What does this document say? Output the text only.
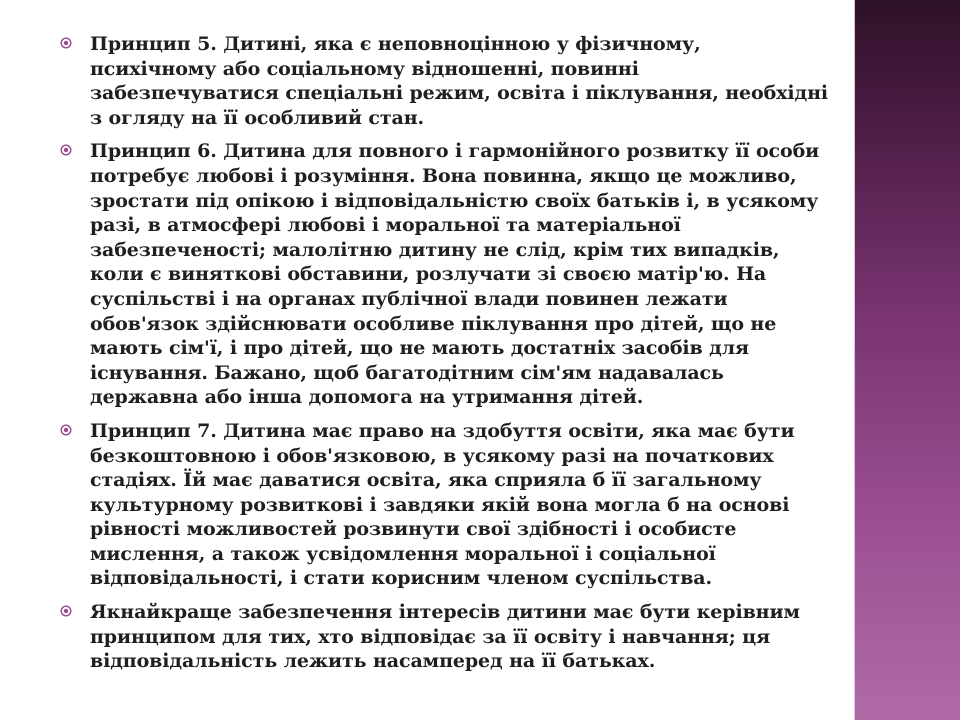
Принцип 5. Дитині, яка є неповноцінною у фізичному, психічному або соціальному відношенні, повинні забезпечуватися спеціальні режим, освіта і піклування, необхідні з огляду на її особливий стан.
Принцип 6. Дитина для повного і гармонійного розвитку її особи потребує любові і розуміння. Вона повинна, якщо це можливо, зростати під опікою і відповідальністю своїх батьків і, в усякому разі, в атмосфері любові і моральної та матеріальної забезпеченості; малолітню дитину не слід, крім тих випадків, коли є виняткові обставини, розлучати зі своєю матір'ю. На суспільстві і на органах публічної влади повинен лежати обов'язок здійснювати особливе піклування про дітей, що не мають сім'ї, і про дітей, що не мають достатніх засобів для існування. Бажано, щоб багатодітним сім'ям надавалась державна або інша допомога на утримання дітей.
Принцип 7. Дитина має право на здобуття освіти, яка має бути безкоштовною і обов'язковою, в усякому разі на початкових стадіях. Їй має даватися освіта, яка сприяла б її загальному культурному розвиткові і завдяки якій вона могла б на основі рівності можливостей розвинути свої здібності і особисте мислення, а також усвідомлення моральної і соціальної відповідальності, і стати корисним членом суспільства.
Якнайкраще забезпечення інтересів дитини має бути керівним принципом для тих, хто відповідає за її освіту і навчання; ця відповідальність лежить насамперед на її батьках.
